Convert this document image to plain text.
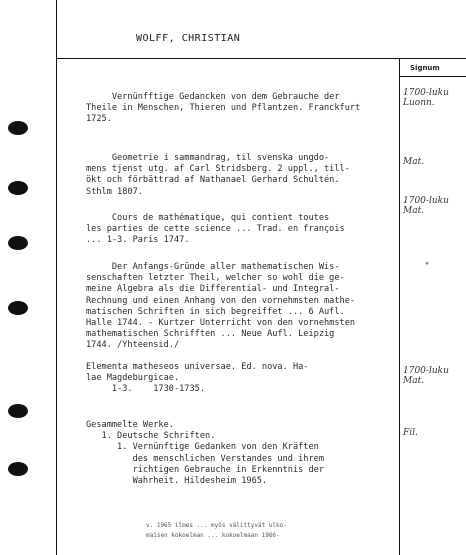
WOLFF, CHRISTIAN
Signum
Vernünfftige Gedancken von dem Gebrauche der
Theile in Menschen, Thieren und Pflantzen. Franckfurt
1725.
1700-luku
Luonn.
Geometrie i sammandrag, til svenska ungdo-
mens tjenst utg. af Carl Stridsberg. 2 uppl., till-
ökt och förbättrad af Nathanael Gerhard Schultén.
Sthlm 1807.
Mat.
Cours de mathématique, qui contient toutes
les parties de cette science ... Trad. en françois
... 1-3. Paris 1747.
1700-luku
Mat.
Der Anfangs-Gründe aller mathematischen Wis-
senschaften letzter Theil, welcher so wohl die ge-
meine Algebra als die Differential- und Integral-
Rechnung und einen Anhang von den vornehmsten mathe-
matischen Schriften in sich begreiffet ... 6 Aufl.
Halle 1744. - Kurtzer Unterricht von den vornehmsten
mathematischen Schrifften ... Neue Aufl. Leipzig
1744. /Yhteensid./
"
Elementa matheseos universae. Ed. nova. Ha-
lae Magdeburgicae.
1-3.    1730-1735.
1700-luku
Mat.
Gesammelte Werke.
1. Deutsche Schriften.
1. Vernünftige Gedanken von den Kräften
des menschlichen Verstandes und ihrem
richtigen Gebrauche in Erkenntnis der
Wahrheit. Hildesheim 1965.
Fil.
v. 1965 ilmes ... myös välittyvät ulko-
maisen kokoelman ... kokoelmaan 1966-
